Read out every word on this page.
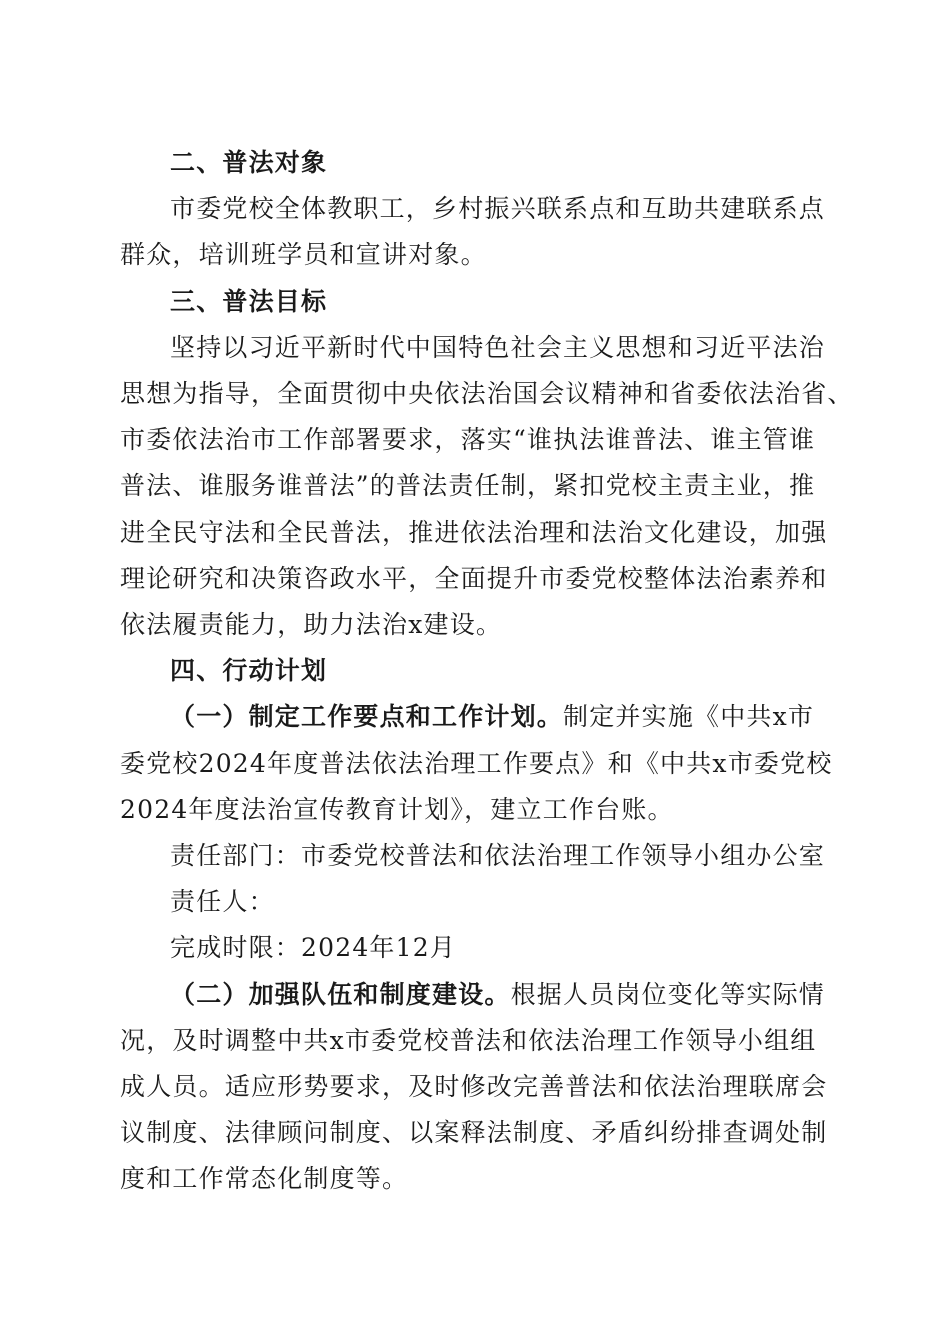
二、普法对象

市委党校全体教职工，乡村振兴联系点和互助共建联系点
群众，培训班学员和宣讲对象。

三、普法目标

坚持以习近平新时代中国特色社会主义思想和习近平法治
思想为指导，全面贯彻中央依法治国会议精神和省委依法治省、
市委依法治市工作部署要求，落实“谁执法谁普法、谁主管谁
普法、谁服务谁普法”的普法责任制，紧扣党校主责主业，推
进全民守法和全民普法，推进依法治理和法治文化建设，加强
理论研究和决策咨政水平，全面提升市委党校整体法治素养和
依法履责能力，助力法治x建设。

四、行动计划

（一）制定工作要点和工作计划。制定并实施《中共x市
委党校2024年度普法依法治理工作要点》和《中共x市委党校
2024年度法治宣传教育计划》，建立工作台账。

责任部门：市委党校普法和依法治理工作领导小组办公室

责任人：

完成时限：2024年12月

（二）加强队伍和制度建设。根据人员岗位变化等实际情
况，及时调整中共x市委党校普法和依法治理工作领导小组组
成人员。适应形势要求，及时修改完善普法和依法治理联席会
议制度、法律顾问制度、以案释法制度、矛盾纠纷排查调处制
度和工作常态化制度等。
